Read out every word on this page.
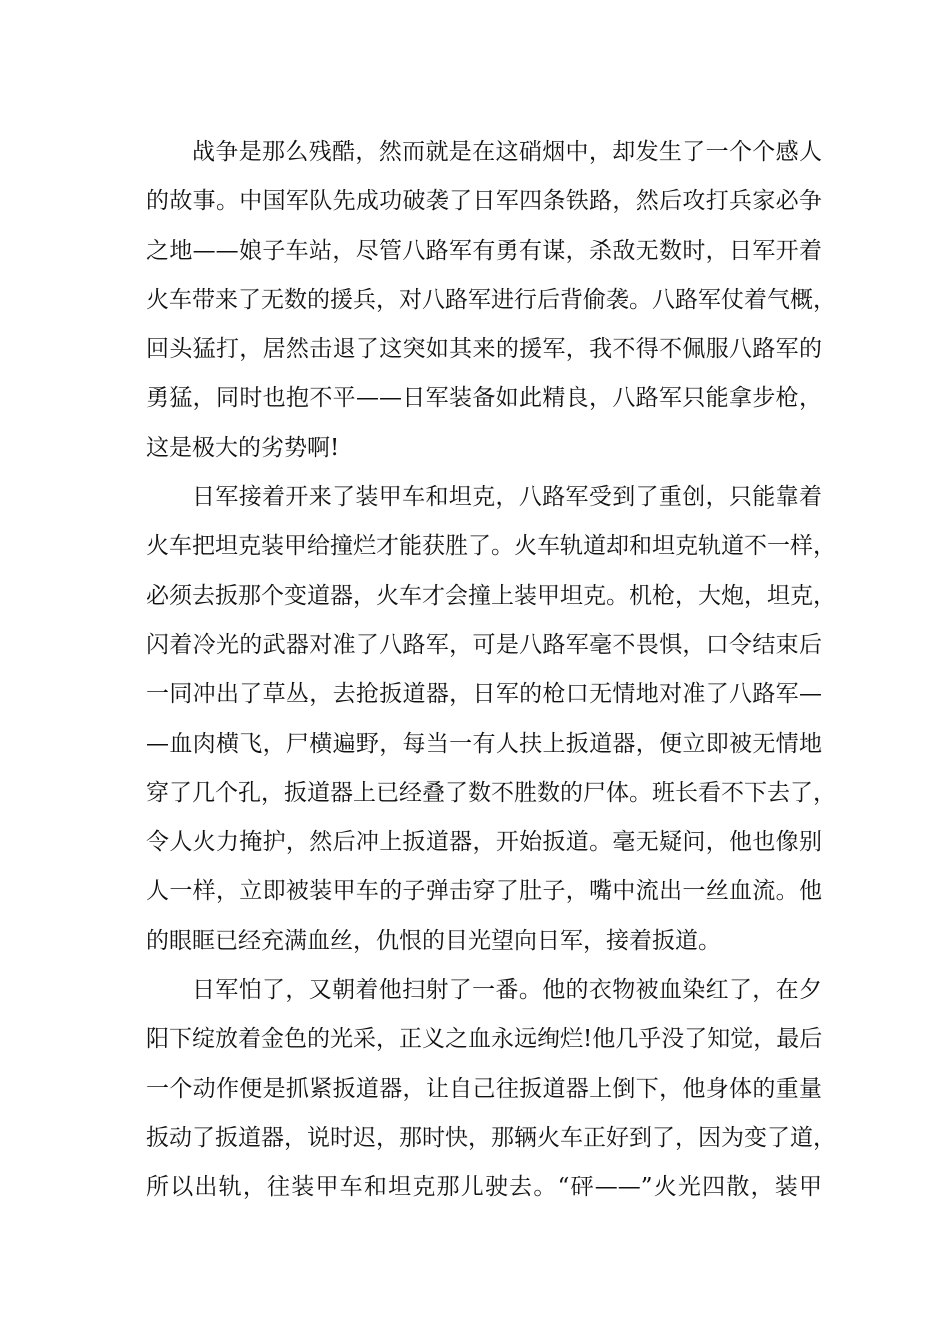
战争是那么残酷，然而就是在这硝烟中，却发生了一个个感人
的故事。中国军队先成功破袭了日军四条铁路，然后攻打兵家必争
之地——娘子车站，尽管八路军有勇有谋，杀敌无数时，日军开着
火车带来了无数的援兵，对八路军进行后背偷袭。八路军仗着气概，
回头猛打，居然击退了这突如其来的援军，我不得不佩服八路军的
勇猛，同时也抱不平——日军装备如此精良，八路军只能拿步枪，
这是极大的劣势啊!
日军接着开来了装甲车和坦克，八路军受到了重创，只能靠着
火车把坦克装甲给撞烂才能获胜了。火车轨道却和坦克轨道不一样，
必须去扳那个变道器，火车才会撞上装甲坦克。机枪，大炮，坦克，
闪着冷光的武器对准了八路军，可是八路军毫不畏惧，口令结束后
一同冲出了草丛，去抢扳道器，日军的枪口无情地对准了八路军—
—血肉横飞，尸横遍野，每当一有人扶上扳道器，便立即被无情地
穿了几个孔，扳道器上已经叠了数不胜数的尸体。班长看不下去了，
令人火力掩护，然后冲上扳道器，开始扳道。毫无疑问，他也像别
人一样，立即被装甲车的子弹击穿了肚子，嘴中流出一丝血流。他
的眼眶已经充满血丝，仇恨的目光望向日军，接着扳道。
日军怕了，又朝着他扫射了一番。他的衣物被血染红了，在夕
阳下绽放着金色的光采，正义之血永远绚烂!他几乎没了知觉，最后
一个动作便是抓紧扳道器，让自己往扳道器上倒下，他身体的重量
扳动了扳道器，说时迟，那时快，那辆火车正好到了，因为变了道，
所以出轨，往装甲车和坦克那儿驶去。“砰——”火光四散，装甲
